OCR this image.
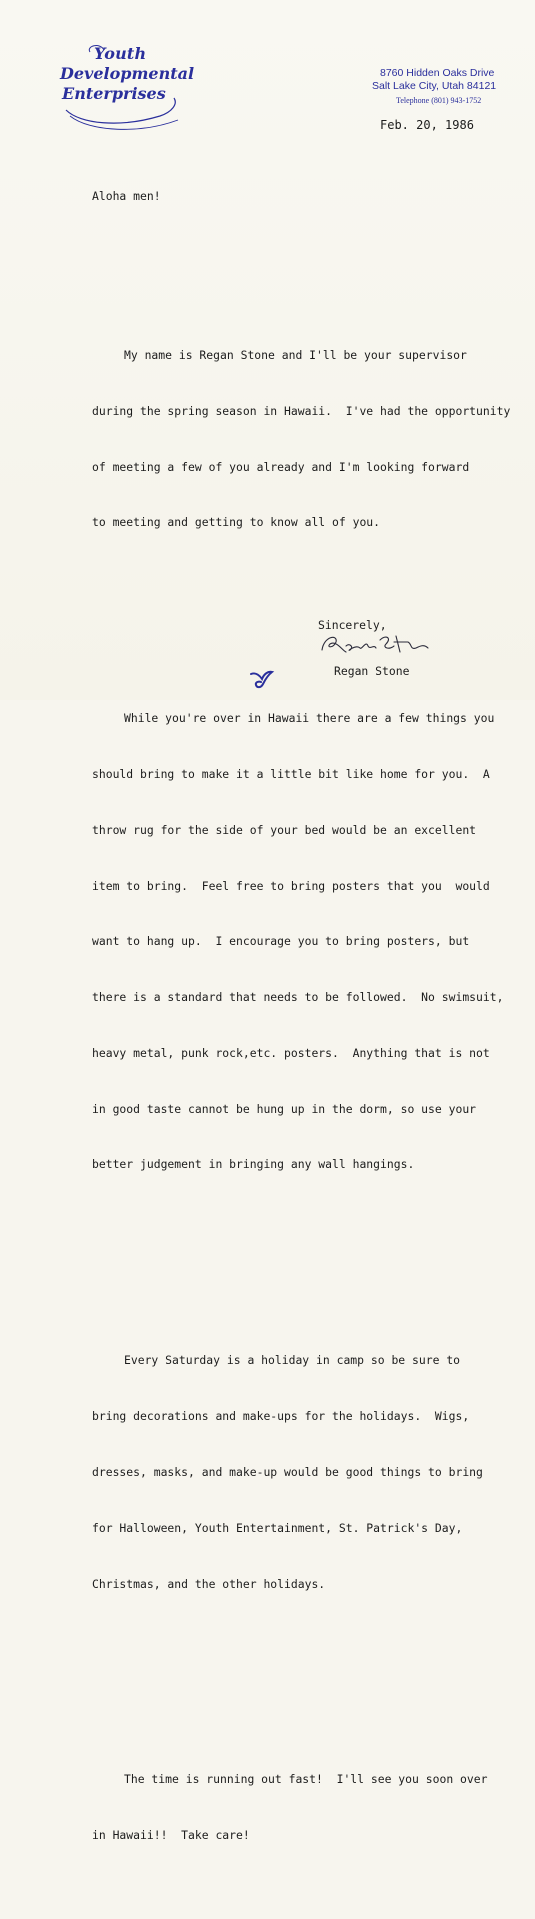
Youth
Developmental
Enterprises
8760 Hidden Oaks Drive
Salt Lake City, Utah 84121
Telephone (801) 943-1752
Feb. 20, 1986

Aloha men!

My name is Regan Stone and I'll be your supervisor

during the spring season in Hawaii.  I've had the opportunity

of meeting a few of you already and I'm looking forward

to meeting and getting to know all of you.

While you're over in Hawaii there are a few things you

should bring to make it a little bit like home for you.  A

throw rug for the side of your bed would be an excellent

item to bring.  Feel free to bring posters that you  would

want to hang up.  I encourage you to bring posters, but

there is a standard that needs to be followed.  No swimsuit,

heavy metal, punk rock,etc. posters.  Anything that is not

in good taste cannot be hung up in the dorm, so use your

better judgement in bringing any wall hangings.

Every Saturday is a holiday in camp so be sure to

bring decorations and make-ups for the holidays.  Wigs,

dresses, masks, and make-up would be good things to bring

for Halloween, Youth Entertainment, St. Patrick's Day,

Christmas, and the other holidays.

The time is running out fast!  I'll see you soon over

in Hawaii!!  Take care!

Sincerely,
Regan Stone
